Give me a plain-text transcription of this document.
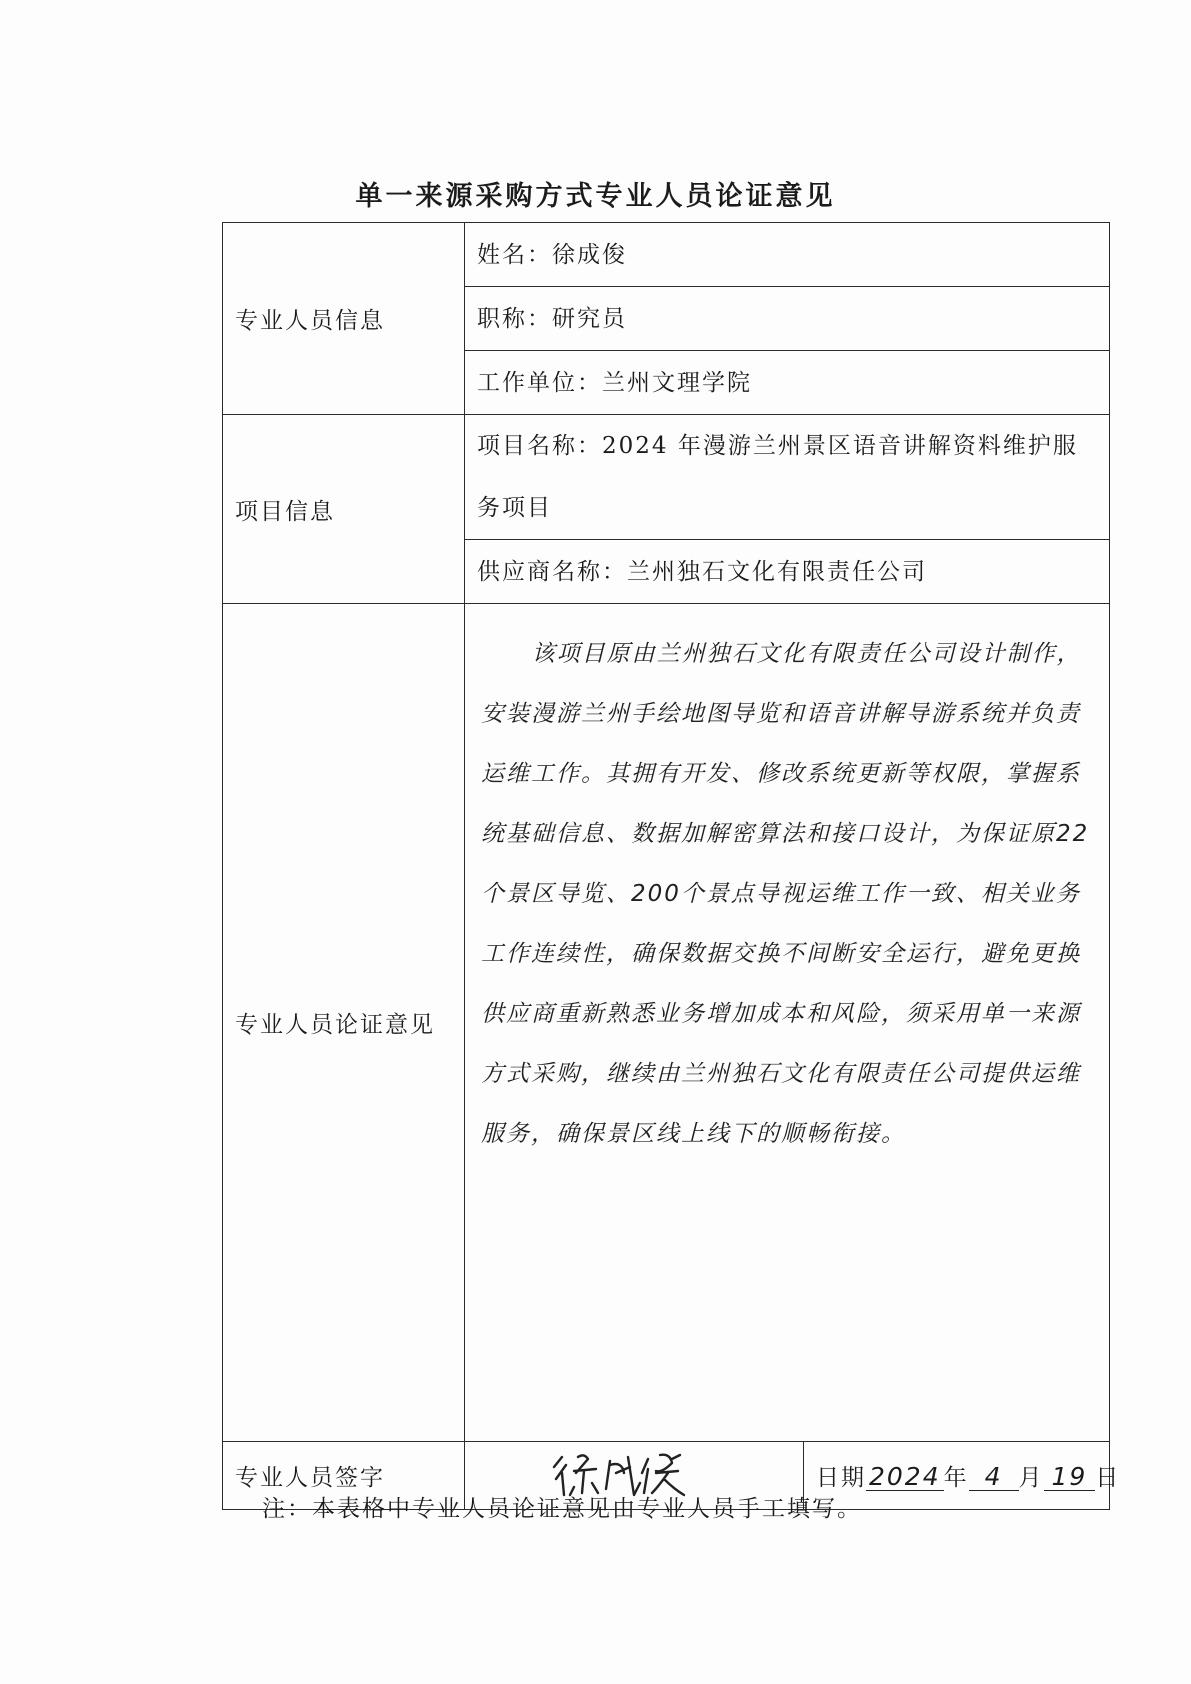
单一来源采购方式专业人员论证意见
专业人员信息	姓名：徐成俊	
	职称：研究员	
	工作单位：兰州文理学院	
项目信息	项目名称：2024 年漫游兰州景区语音讲解资料维护服务项目	
	供应商名称：兰州独石文化有限责任公司	
专业人员论证意见	该项目原由兰州独石文化有限责任公司设计制作，安装漫游兰州手绘地图导览和语音讲解导游系统并负责运维工作。其拥有开发、修改系统更新等权限，掌握系统基础信息、数据加解密算法和接口设计，为保证原22个景区导览、200个景点导视运维工作一致、相关业务工作连续性，确保数据交换不间断安全运行，避免更换供应商重新熟悉业务增加成本和风险，须采用单一来源方式采购，继续由兰州独石文化有限责任公司提供运维服务，确保景区线上线下的顺畅衔接。	
专业人员签字		日期 2024 年 4 月 19 日
注：本表格中专业人员论证意见由专业人员手工填写。
